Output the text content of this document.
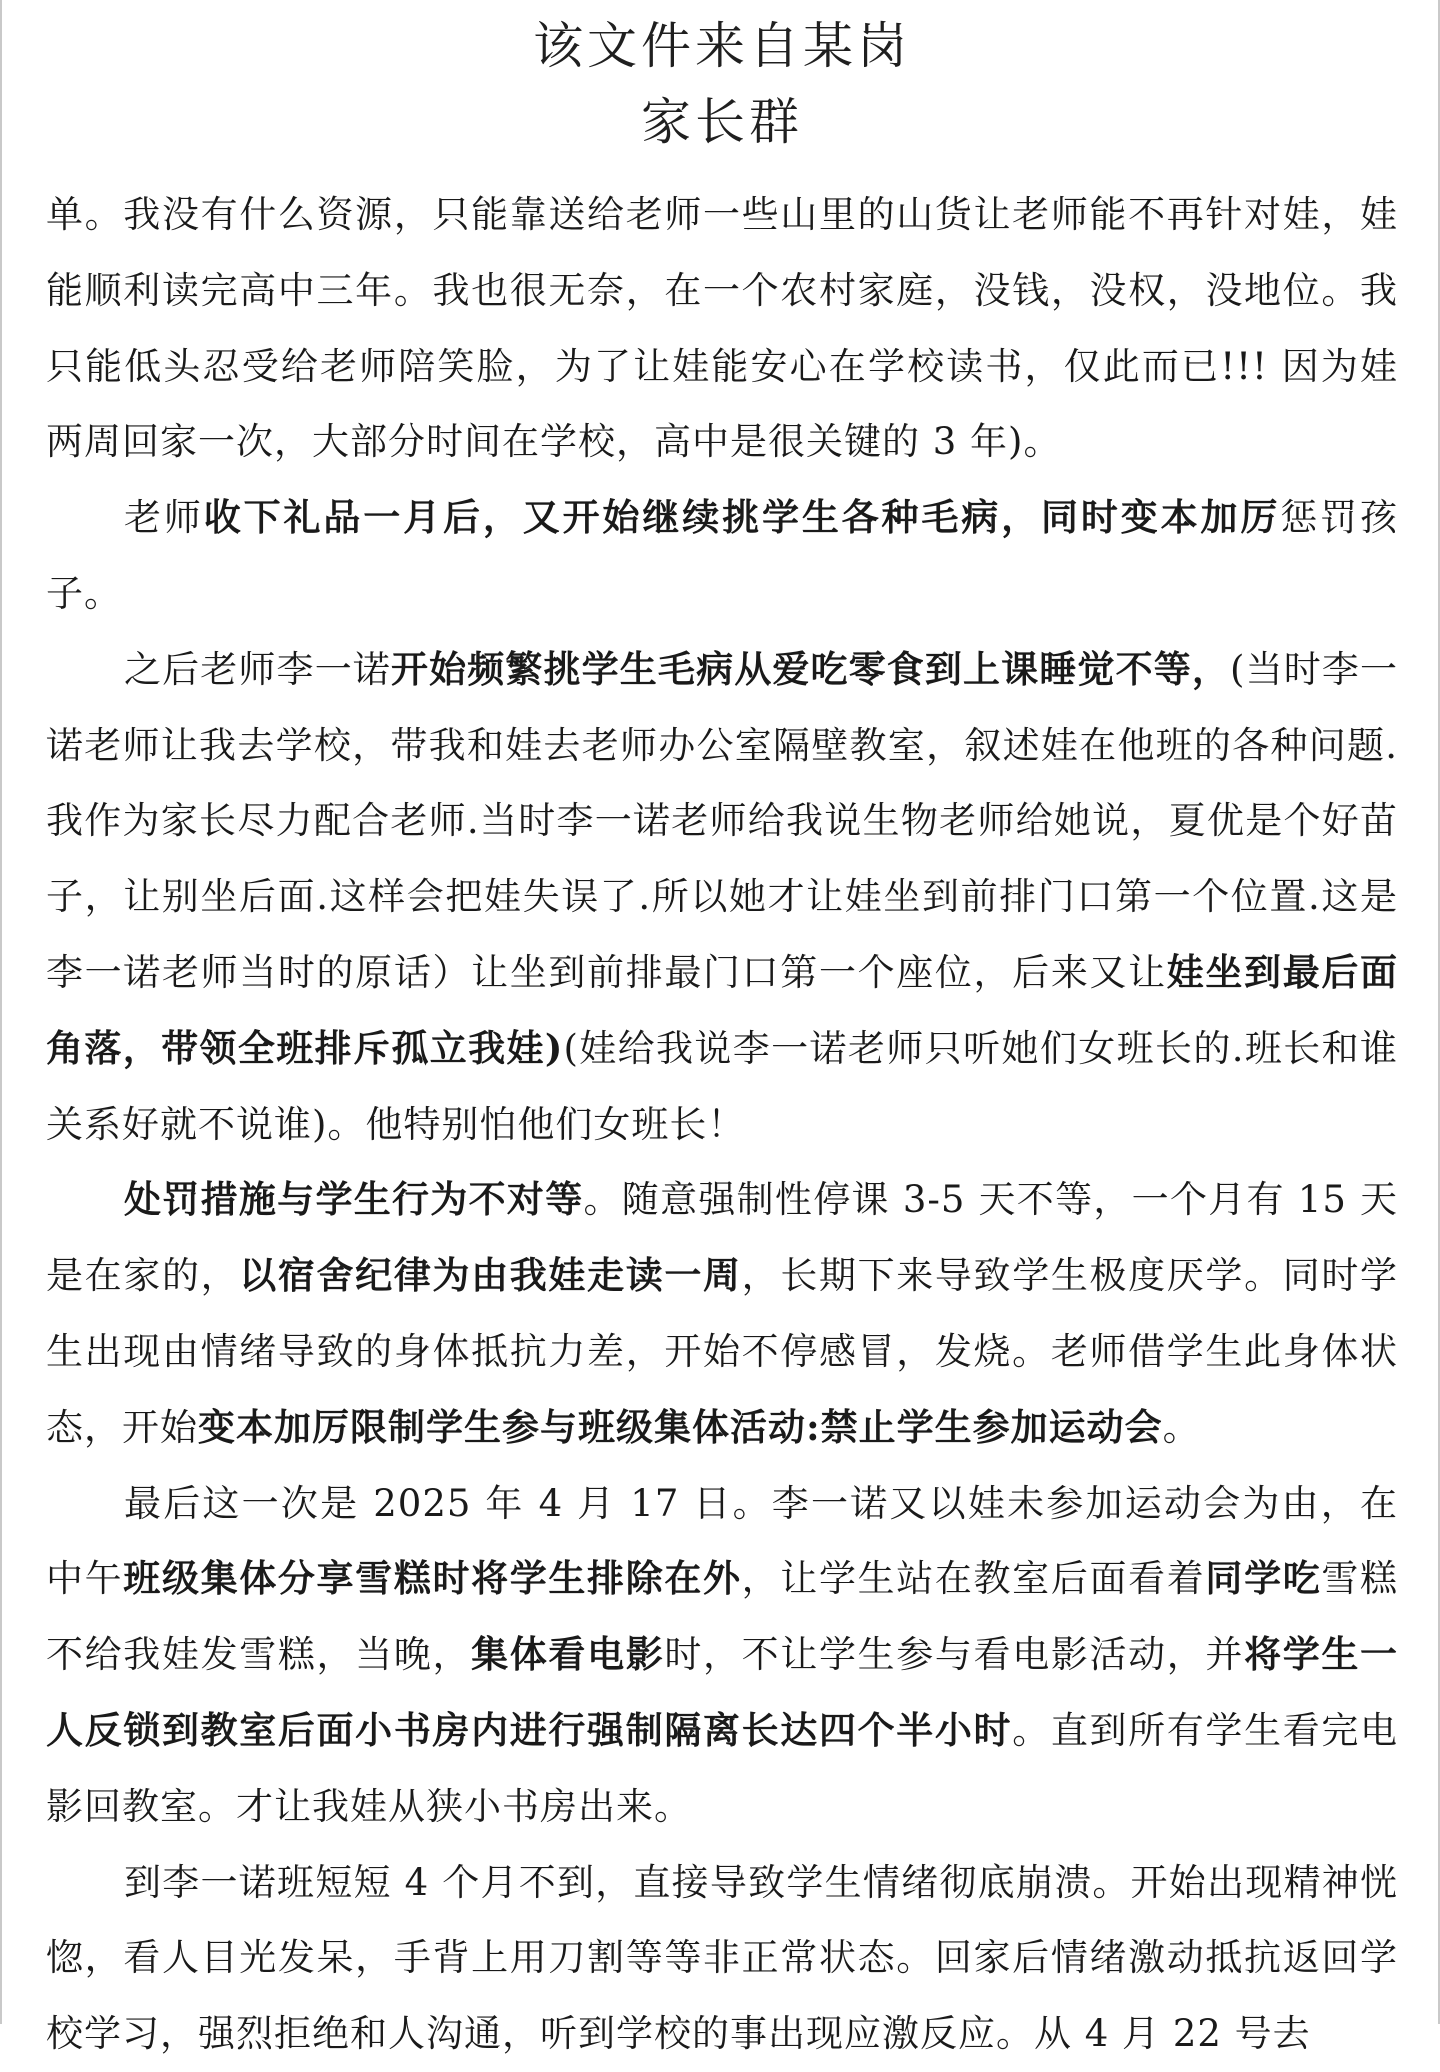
该文件来自某岗
家长群

单。我没有什么资源，只能靠送给老师一些山里的山货让老师能不再针对娃，娃能顺利读完高中三年。我也很无奈，在一个农村家庭，没钱，没权，没地位。我只能低头忍受给老师陪笑脸，为了让娃能安心在学校读书，仅此而已!!! 因为娃两周回家一次，大部分时间在学校，高中是很关键的 3 年)。

老师收下礼品一月后，又开始继续挑学生各种毛病，同时变本加厉惩罚孩子。

之后老师李一诺开始频繁挑学生毛病从爱吃零食到上课睡觉不等，(当时李一诺老师让我去学校，带我和娃去老师办公室隔壁教室，叙述娃在他班的各种问题.我作为家长尽力配合老师.当时李一诺老师给我说生物老师给她说，夏优是个好苗子，让别坐后面.这样会把娃失误了.所以她才让娃坐到前排门口第一个位置.这是李一诺老师当时的原话）让坐到前排最门口第一个座位，后来又让娃坐到最后面角落，带领全班排斥孤立我娃)(娃给我说李一诺老师只听她们女班长的.班长和谁关系好就不说谁)。他特别怕他们女班长！

处罚措施与学生行为不对等。随意强制性停课 3-5 天不等，一个月有 15 天是在家的，以宿舍纪律为由我娃走读一周，长期下来导致学生极度厌学。同时学生出现由情绪导致的身体抵抗力差，开始不停感冒，发烧。老师借学生此身体状态，开始变本加厉限制学生参与班级集体活动:禁止学生参加运动会。

最后这一次是 2025 年 4 月 17 日。李一诺又以娃未参加运动会为由，在中午班级集体分享雪糕时将学生排除在外，让学生站在教室后面看着同学吃雪糕不给我娃发雪糕，当晚，集体看电影时，不让学生参与看电影活动，并将学生一人反锁到教室后面小书房内进行强制隔离长达四个半小时。直到所有学生看完电影回教室。才让我娃从狭小书房出来。

到李一诺班短短 4 个月不到，直接导致学生情绪彻底崩溃。开始出现精神恍惚，看人目光发呆，手背上用刀割等等非正常状态。回家后情绪激动抵抗返回学校学习，强烈拒绝和人沟通，听到学校的事出现应激反应。从 4 月 22 号去
